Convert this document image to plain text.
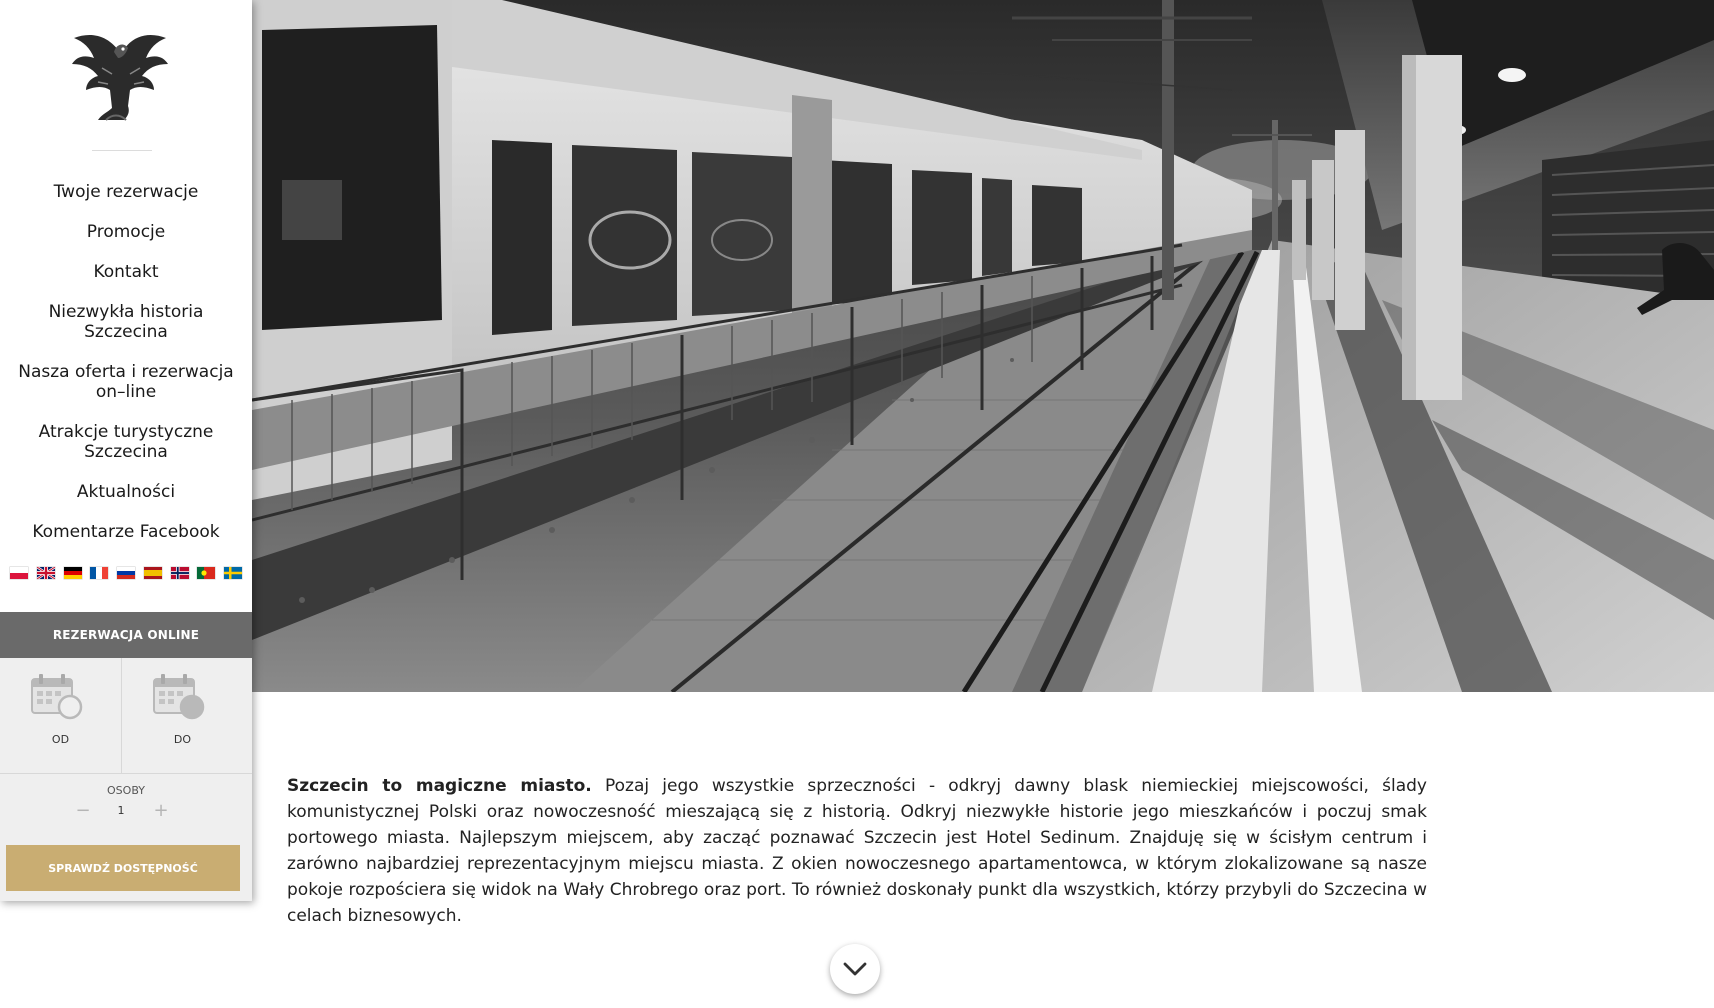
Twoje rezerwacje
Promocje
Kontakt
Niezwykła historia Szczecina
Nasza oferta i rezerwacja on–line
Atrakcje turystyczne Szczecina
Aktualności
Komentarze Facebook
REZERWACJA ONLINE
OD	DO
OSOBY
−	1	+
SPRAWDŹ DOSTĘPNOŚĆ

Szczecin to magiczne miasto. Pozaj jego wszystkie sprzeczności - odkryj dawny blask niemieckiej miejscowości, ślady komunistycznej Polski oraz nowoczesność mieszającą się z historią. Odkryj niezwykłe historie jego mieszkańców i poczuj smak portowego miasta. Najlepszym miejscem, aby zacząć poznawać Szczecin jest Hotel Sedinum. Znajduję się w ścisłym centrum i zarówno najbardziej reprezentacyjnym miejscu miasta. Z okien nowoczesnego apartamentowca, w którym zlokalizowane są nasze pokoje rozpościera się widok na Wały Chrobrego oraz port. To również doskonały punkt dla wszystkich, którzy przybyli do Szczecina w celach biznesowych.
